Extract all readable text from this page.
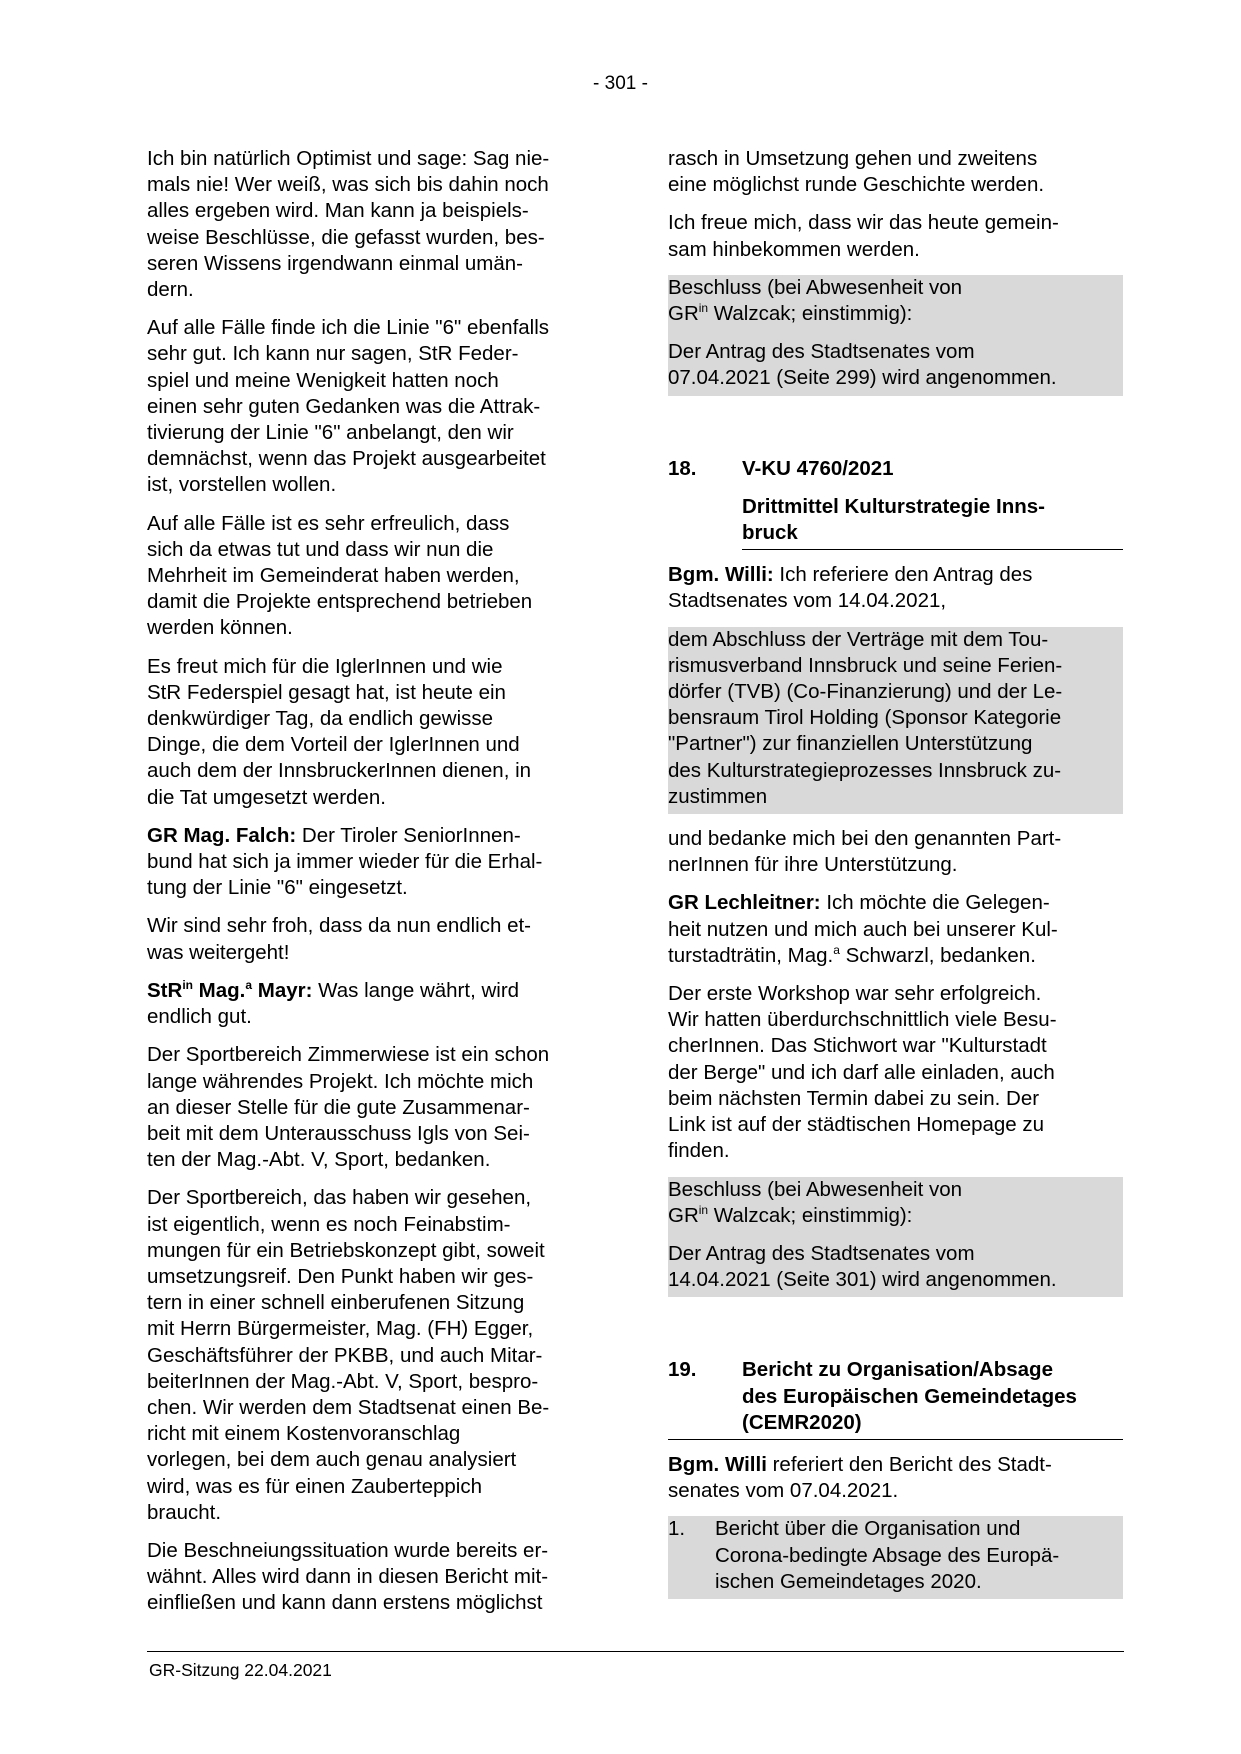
- 301 -

Ich bin natürlich Optimist und sage: Sag nie-
mals nie! Wer weiß, was sich bis dahin noch
alles ergeben wird. Man kann ja beispiels-
weise Beschlüsse, die gefasst wurden, bes-
seren Wissens irgendwann einmal umän-
dern.

Auf alle Fälle finde ich die Linie "6" ebenfalls
sehr gut. Ich kann nur sagen, StR Feder-
spiel und meine Wenigkeit hatten noch
einen sehr guten Gedanken was die Attrak-
tivierung der Linie "6" anbelangt, den wir
demnächst, wenn das Projekt ausgearbeitet
ist, vorstellen wollen.

Auf alle Fälle ist es sehr erfreulich, dass
sich da etwas tut und dass wir nun die
Mehrheit im Gemeinderat haben werden,
damit die Projekte entsprechend betrieben
werden können.

Es freut mich für die IglerInnen und wie
StR Federspiel gesagt hat, ist heute ein
denkwürdiger Tag, da endlich gewisse
Dinge, die dem Vorteil der IglerInnen und
auch dem der InnsbruckerInnen dienen, in
die Tat umgesetzt werden.

GR Mag. Falch: Der Tiroler SeniorInnen-
bund hat sich ja immer wieder für die Erhal-
tung der Linie "6" eingesetzt.

Wir sind sehr froh, dass da nun endlich et-
was weitergeht!

StR$^{in}$ Mag.$^a$ Mayr: Was lange währt, wird
endlich gut.

Der Sportbereich Zimmerwiese ist ein schon
lange währendes Projekt. Ich möchte mich
an dieser Stelle für die gute Zusammenar-
beit mit dem Unterausschuss Igls von Sei-
ten der Mag.-Abt. V, Sport, bedanken.

Der Sportbereich, das haben wir gesehen,
ist eigentlich, wenn es noch Feinabstim-
mungen für ein Betriebskonzept gibt, soweit
umsetzungsreif. Den Punkt haben wir ges-
tern in einer schnell einberufenen Sitzung
mit Herrn Bürgermeister, Mag. (FH) Egger,
Geschäftsführer der PKBB, und auch Mitar-
beiterInnen der Mag.-Abt. V, Sport, bespro-
chen. Wir werden dem Stadtsenat einen Be-
richt mit einem Kostenvoranschlag
vorlegen, bei dem auch genau analysiert
wird, was es für einen Zauberteppich
braucht.

Die Beschneiungssituation wurde bereits er-
wähnt. Alles wird dann in diesen Bericht mit-
einfließen und kann dann erstens möglichst

rasch in Umsetzung gehen und zweitens
eine möglichst runde Geschichte werden.

Ich freue mich, dass wir das heute gemein-
sam hinbekommen werden.

Beschluss (bei Abwesenheit von
$GR^{in}$ Walzcak; einstimmig):

Der Antrag des Stadtsenates vom
07.04.2021 (Seite 299) wird angenommen.

18.	V-KU 4760/2021
Drittmittel Kulturstrategie Inns-
bruck

Bgm. Willi: Ich referiere den Antrag des
Stadtsenates vom 14.04.2021,

dem Abschluss der Verträge mit dem Tou-
rismusverband Innsbruck und seine Ferien-
dörfer (TVB) (Co-Finanzierung) und der Le-
bensraum Tirol Holding (Sponsor Kategorie
"Partner") zur finanziellen Unterstützung
des Kulturstrategieprozesses Innsbruck zu-
zustimmen

und bedanke mich bei den genannten Part-
nerInnen für ihre Unterstützung.

GR Lechleitner: Ich möchte die Gelegen-
heit nutzen und mich auch bei unserer Kul-
turstadträtin, Mag.$^a$ Schwarzl, bedanken.

Der erste Workshop war sehr erfolgreich.
Wir hatten überdurchschnittlich viele Besu-
cherInnen. Das Stichwort war "Kulturstadt
der Berge" und ich darf alle einladen, auch
beim nächsten Termin dabei zu sein. Der
Link ist auf der städtischen Homepage zu
finden.

Beschluss (bei Abwesenheit von
$GR^{in}$ Walzcak; einstimmig):

Der Antrag des Stadtsenates vom
14.04.2021 (Seite 301) wird angenommen.

19.	Bericht zu Organisation/Absage
des Europäischen Gemeindetages
(CEMR2020)

Bgm. Willi referiert den Bericht des Stadt-
senates vom 07.04.2021.

1.	Bericht über die Organisation und
Corona-bedingte Absage des Europä-
ischen Gemeindetages 2020.
GR-Sitzung 22.04.2021
